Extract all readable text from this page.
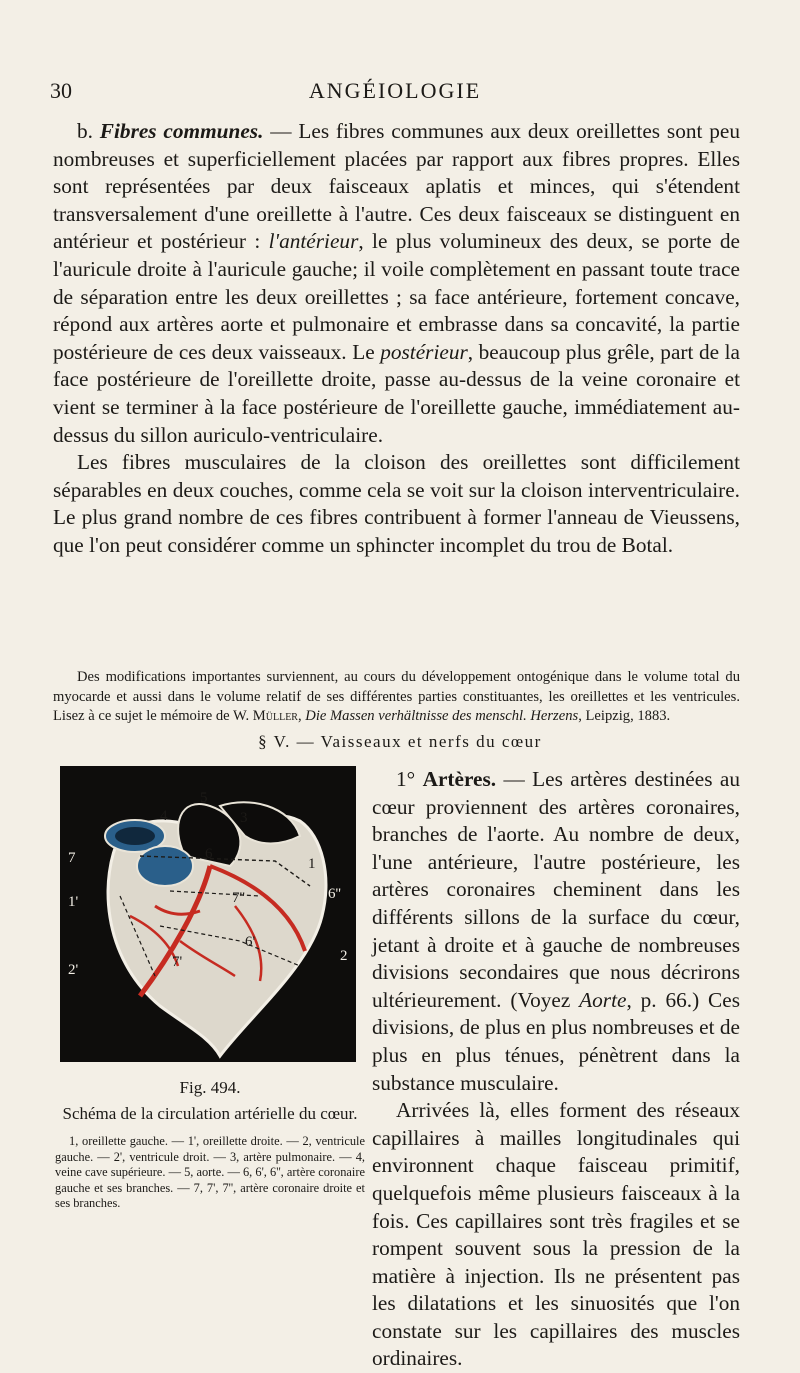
30	ANGÉIOLOGIE

b. Fibres communes. — Les fibres communes aux deux oreillettes sont peu nombreuses et superficiellement placées par rapport aux fibres propres. Elles sont représentées par deux faisceaux aplatis et minces, qui s'étendent transversalement d'une oreillette à l'autre. Ces deux faisceaux se distinguent en antérieur et postérieur : l'antérieur, le plus volumineux des deux, se porte de l'auricule droite à l'auricule gauche; il voile complètement en passant toute trace de séparation entre les deux oreillettes ; sa face antérieure, fortement concave, répond aux artères aorte et pulmonaire et embrasse dans sa concavité, la partie postérieure de ces deux vaisseaux. Le postérieur, beaucoup plus grêle, part de la face postérieure de l'oreillette droite, passe au-dessus de la veine coronaire et vient se terminer à la face postérieure de l'oreillette gauche, immédiatement au-dessus du sillon auriculo-ventriculaire.

Les fibres musculaires de la cloison des oreillettes sont difficilement séparables en deux couches, comme cela se voit sur la cloison interventriculaire. Le plus grand nombre de ces fibres contribuent à former l'anneau de Vieussens, que l'on peut considérer comme un sphincter incomplet du trou de Botal.

Des modifications importantes surviennent, au cours du développement ontogénique dans le volume total du myocarde et aussi dans le volume relatif de ses différentes parties constituantes, les oreillettes et les ventricules. Lisez à ce sujet le mémoire de W. Müller, Die Massen verhältnisse des menschl. Herzens, Leipzig, 1883.
§ V. — Vaisseaux et nerfs du cœur
4
5
3
7	1
1'
6
6''
7''
6'
7'	2
2'
Fig. 494.
Schéma de la circulation artérielle du cœur.
1, oreillette gauche. — 1', oreillette droite. — 2, ventricule gauche. — 2', ventricule droit. — 3, artère pulmonaire. — 4, veine cave supérieure. — 5, aorte. — 6, 6', 6'', artère coronaire gauche et ses branches. — 7, 7', 7'', artère coronaire droite et ses branches.

1° Artères. — Les artères destinées au cœur proviennent des artères coronaires, branches de l'aorte. Au nombre de deux, l'une antérieure, l'autre postérieure, les artères coronaires cheminent dans les différents sillons de la surface du cœur, jetant à droite et à gauche de nombreuses divisions secondaires que nous décrirons ultérieurement. (Voyez Aorte, p. 66.) Ces divisions, de plus en plus nombreuses et de plus en plus ténues, pénètrent dans la substance musculaire.

Arrivées là, elles forment des réseaux capillaires à mailles longitudinales qui environnent chaque faisceau primitif, quelquefois même plusieurs faisceaux à la fois. Ces capillaires sont très fragiles et se rompent souvent sous la pression de la matière à injection. Ils ne présentent pas les dilatations et les sinuosités que l'on constate sur les capillaires des muscles ordinaires.
